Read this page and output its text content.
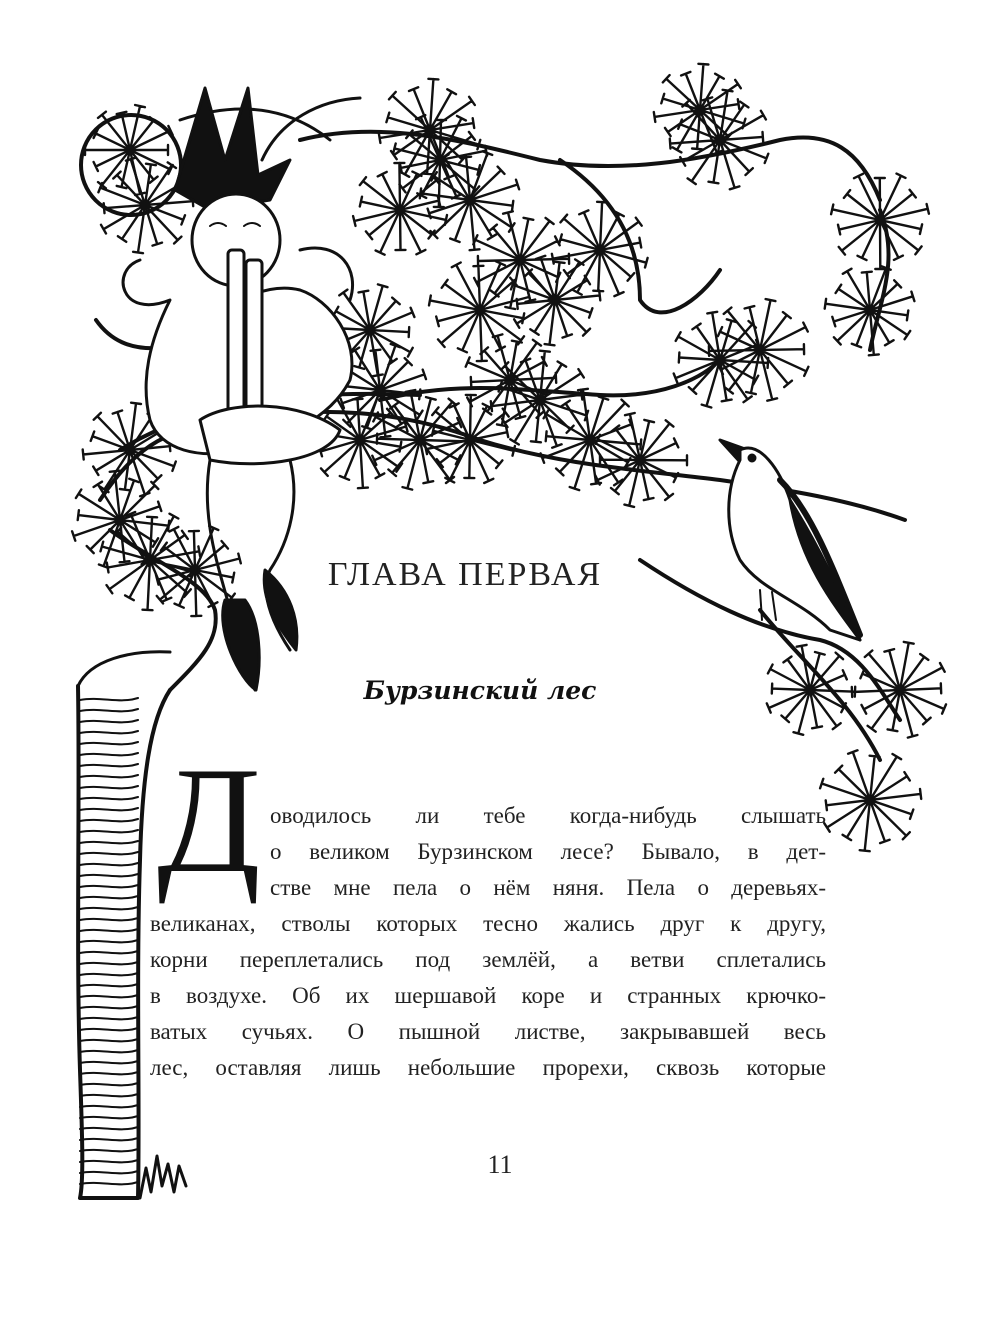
ГЛАВА ПЕРВАЯ
Бурзинский лес
Д оводилось ли тебе когда-нибудь слышать
о великом Бурзинском лесе? Бывало, в дет-
стве мне пела о нём няня. Пела о деревьях-
великанах, стволы которых тесно жались друг к другу,
корни переплетались под землёй, а ветви сплетались
в воздухе. Об их шершавой коре и странных крючко-
ватых сучьях. О пышной листве, закрывавшей весь
лес, оставляя лишь небольшие прорехи, сквозь которые
11
